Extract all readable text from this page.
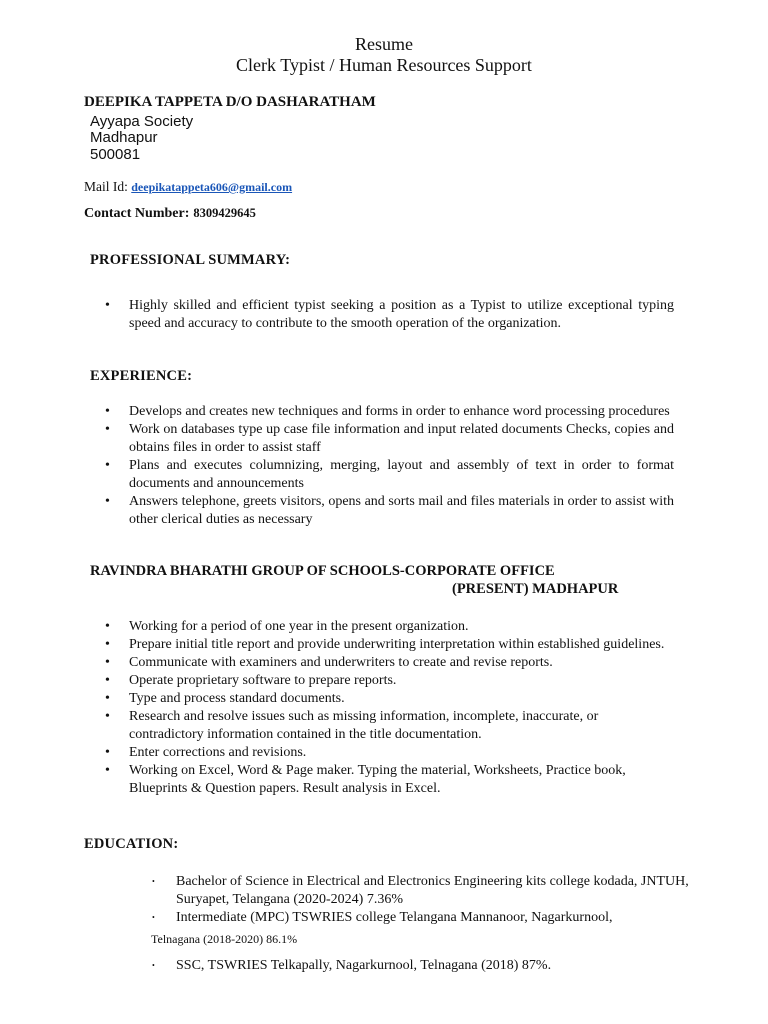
Resume
Clerk Typist / Human Resources Support
DEEPIKA TAPPETA D/O DASHARATHAM
Ayyapa Society
Madhapur
500081
Mail Id: deepikatappeta606@gmail.com
Contact Number: 8309429645
PROFESSIONAL SUMMARY:
• Highly skilled and efficient typist seeking a position as a Typist to utilize exceptional typing speed and accuracy to contribute to the smooth operation of the organization.
EXPERIENCE:
• Develops and creates new techniques and forms in order to enhance word processing procedures
• Work on databases type up case file information and input related documents Checks, copies and obtains files in order to assist staff
• Plans and executes columnizing, merging, layout and assembly of text in order to format documents and announcements
• Answers telephone, greets visitors, opens and sorts mail and files materials in order to assist with other clerical duties as necessary
RAVINDRA BHARATHI GROUP OF SCHOOLS-CORPORATE OFFICE
(PRESENT) MADHAPUR
• Working for a period of one year in the present organization.
• Prepare initial title report and provide underwriting interpretation within established guidelines.
• Communicate with examiners and underwriters to create and revise reports.
• Operate proprietary software to prepare reports.
• Type and process standard documents.
• Research and resolve issues such as missing information, incomplete, inaccurate, or contradictory information contained in the title documentation.
• Enter corrections and revisions.
• Working on Excel, Word & Page maker. Typing the material, Worksheets, Practice book, Blueprints & Question papers. Result analysis in Excel.
EDUCATION:
• Bachelor of Science in Electrical and Electronics Engineering kits college kodada, JNTUH, Suryapet, Telangana (2020-2024) 7.36%
• Intermediate (MPC) TSWRIES college Telangana Mannanoor, Nagarkurnool,
Telnagana (2018-2020) 86.1%
• SSC, TSWRIES Telkapally, Nagarkurnool, Telnagana (2018) 87%.
